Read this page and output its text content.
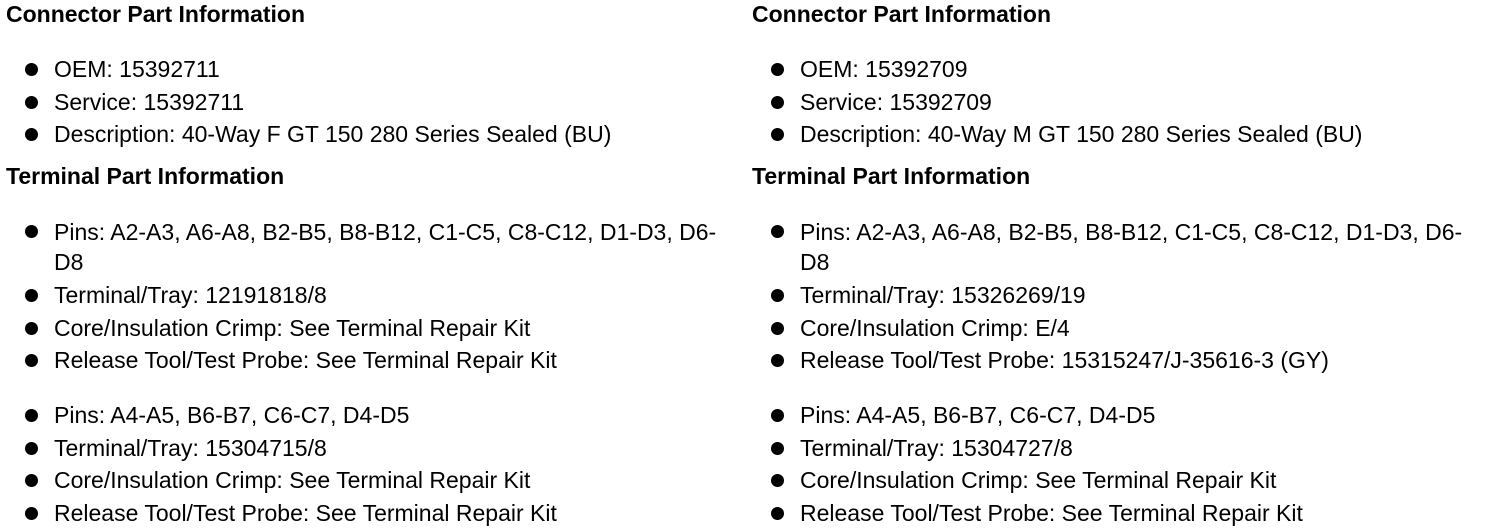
Connector Part Information
OEM: 15392711
Service: 15392711
Description: 40-Way F GT 150 280 Series Sealed (BU)
Terminal Part Information
Pins: A2-A3, A6-A8, B2-B5, B8-B12, C1-C5, C8-C12, D1-D3, D6-D8
Terminal/Tray: 12191818/8
Core/Insulation Crimp: See Terminal Repair Kit
Release Tool/Test Probe: See Terminal Repair Kit
Pins: A4-A5, B6-B7, C6-C7, D4-D5
Terminal/Tray: 15304715/8
Core/Insulation Crimp: See Terminal Repair Kit
Release Tool/Test Probe: See Terminal Repair Kit
Connector Part Information
OEM: 15392709
Service: 15392709
Description: 40-Way M GT 150 280 Series Sealed (BU)
Terminal Part Information
Pins: A2-A3, A6-A8, B2-B5, B8-B12, C1-C5, C8-C12, D1-D3, D6-D8
Terminal/Tray: 15326269/19
Core/Insulation Crimp: E/4
Release Tool/Test Probe: 15315247/J-35616-3 (GY)
Pins: A4-A5, B6-B7, C6-C7, D4-D5
Terminal/Tray: 15304727/8
Core/Insulation Crimp: See Terminal Repair Kit
Release Tool/Test Probe: See Terminal Repair Kit
